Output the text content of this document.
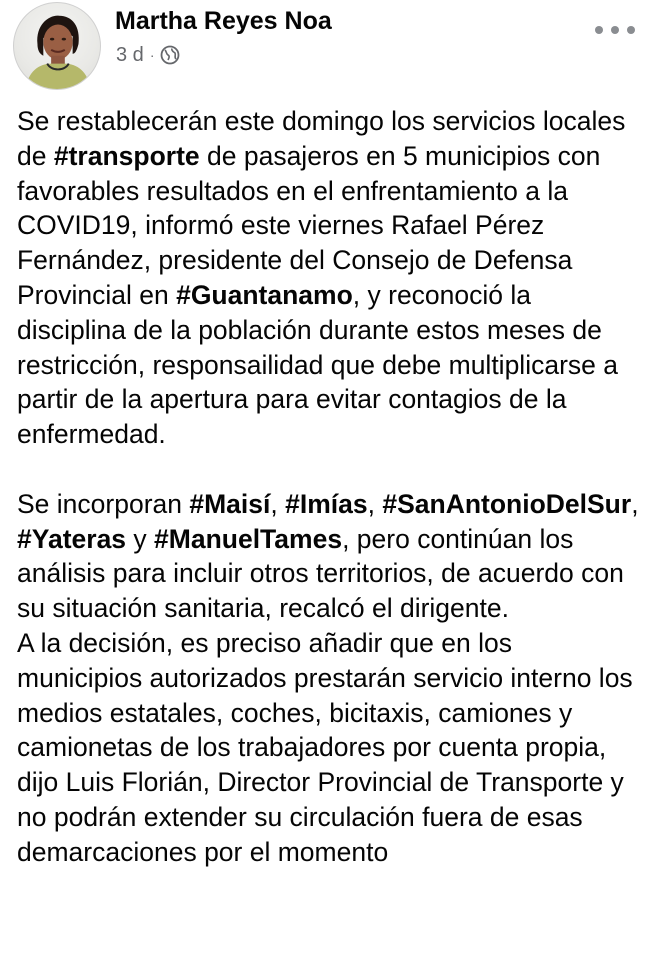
Martha Reyes Noa
3 d ·

Se restablecerán este domingo los servicios locales de #transporte de pasajeros en 5 municipios con favorables resultados en el enfrentamiento a la COVID19, informó este viernes Rafael Pérez Fernández, presidente del Consejo de Defensa Provincial en #Guantanamo, y reconoció la disciplina de la población durante estos meses de restricción, responsailidad que debe multiplicarse a partir de la apertura para evitar contagios de la enfermedad.

Se incorporan #Maisí, #Imías, #SanAntonioDelSur, #Yateras y #ManuelTames, pero continúan los análisis para incluir otros territorios, de acuerdo con su situación sanitaria, recalcó el dirigente.

A la decisión, es preciso añadir que en los municipios autorizados prestarán servicio interno los medios estatales, coches, bicitaxis, camiones y camionetas de los trabajadores por cuenta propia, dijo Luis Florián, Director Provincial de Transporte y no podrán extender su circulación fuera de esas demarcaciones por el momento
